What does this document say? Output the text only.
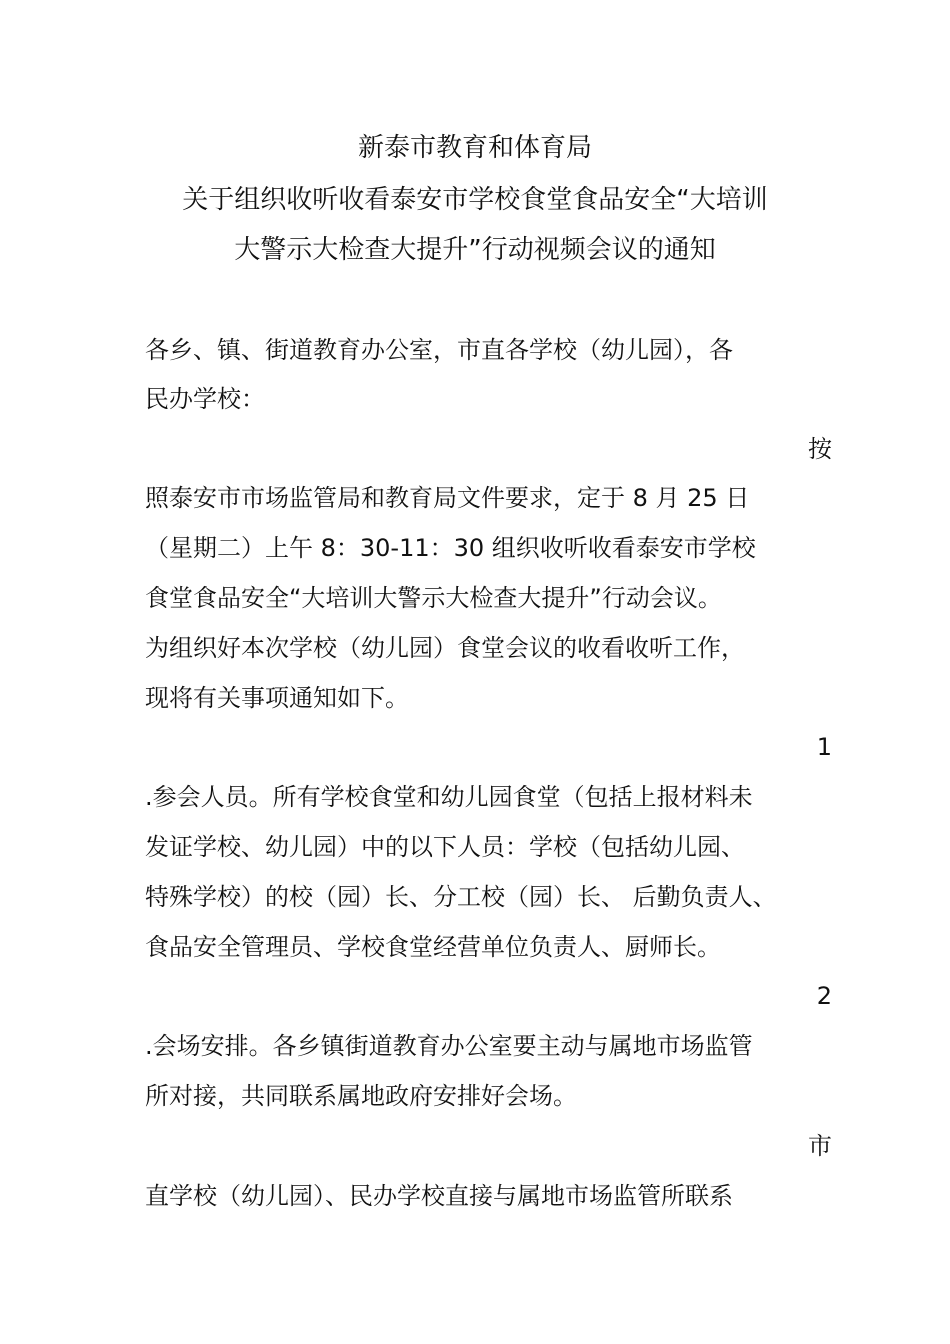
新泰市教育和体育局
关于组织收听收看泰安市学校食堂食品安全“大培训
大警示大检查大提升”行动视频会议的通知
各乡、镇、街道教育办公室，市直各学校（幼儿园），各
民办学校：
按
照泰安市市场监管局和教育局文件要求，定于 8 月 25 日
（星期二）上午 8：30-11：30 组织收听收看泰安市学校
食堂食品安全“大培训大警示大检查大提升”行动会议。
为组织好本次学校（幼儿园）食堂会议的收看收听工作，
现将有关事项通知如下。
1
.参会人员。所有学校食堂和幼儿园食堂（包括上报材料未
发证学校、幼儿园）中的以下人员：学校（包括幼儿园、
特殊学校）的校（园）长、分工校（园）长、 后勤负责人、
食品安全管理员、学校食堂经营单位负责人、厨师长。
2
.会场安排。各乡镇街道教育办公室要主动与属地市场监管
所对接，共同联系属地政府安排好会场。
市
直学校（幼儿园）、民办学校直接与属地市场监管所联系
